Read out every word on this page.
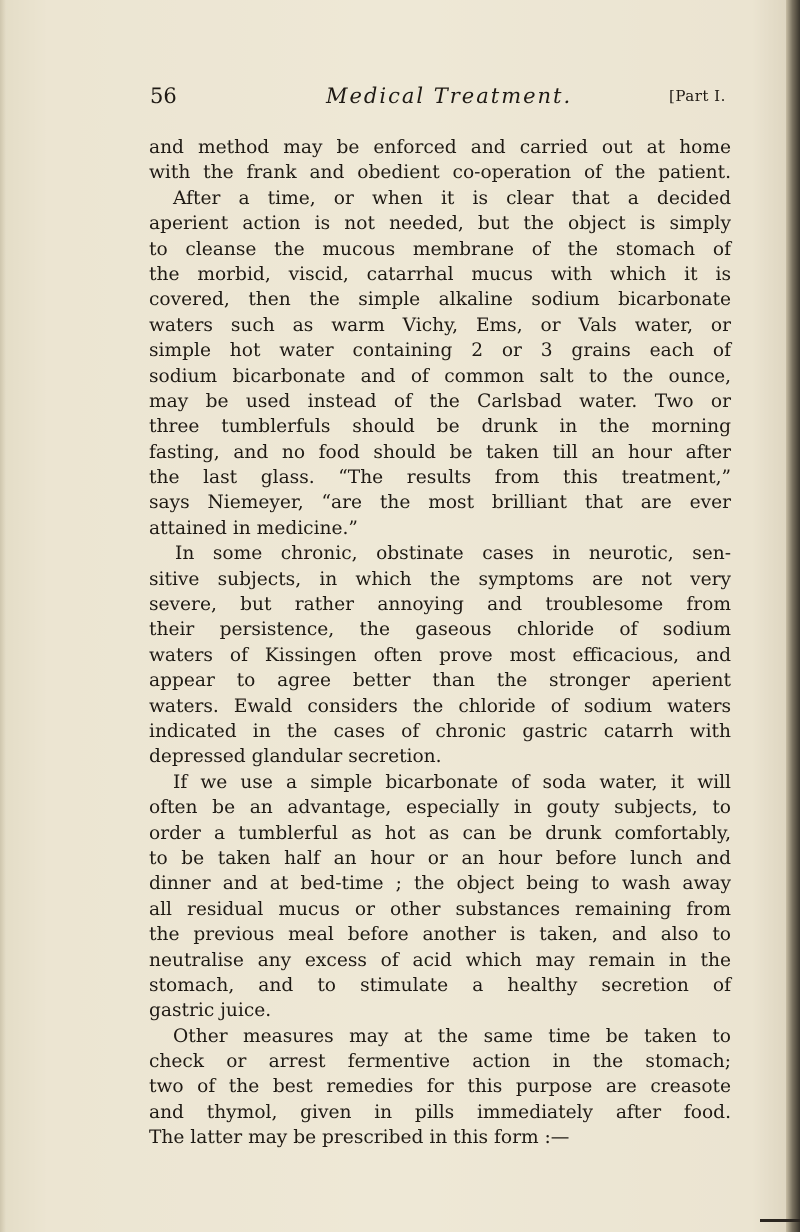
56	Medical Treatment.	[Part I.
and method may be enforced and carried out at home
with the frank and obedient co-operation of the patient.
After a time, or when it is clear that a decided
aperient action is not needed, but the object is simply
to cleanse the mucous membrane of the stomach of
the morbid, viscid, catarrhal mucus with which it is
covered, then the simple alkaline sodium bicarbonate
waters such as warm Vichy, Ems, or Vals water, or
simple hot water containing 2 or 3 grains each of
sodium bicarbonate and of common salt to the ounce,
may be used instead of the Carlsbad water. Two or
three tumblerfuls should be drunk in the morning
fasting, and no food should be taken till an hour after
the last glass. “The results from this treatment,”
says Niemeyer, “are the most brilliant that are ever
attained in medicine.”
In some chronic, obstinate cases in neurotic, sen-
sitive subjects, in which the symptoms are not very
severe, but rather annoying and troublesome from
their persistence, the gaseous chloride of sodium
waters of Kissingen often prove most efficacious, and
appear to agree better than the stronger aperient
waters. Ewald considers the chloride of sodium waters
indicated in the cases of chronic gastric catarrh with
depressed glandular secretion.
If we use a simple bicarbonate of soda water, it will
often be an advantage, especially in gouty subjects, to
order a tumblerful as hot as can be drunk comfortably,
to be taken half an hour or an hour before lunch and
dinner and at bed-time ; the object being to wash away
all residual mucus or other substances remaining from
the previous meal before another is taken, and also to
neutralise any excess of acid which may remain in the
stomach, and to stimulate a healthy secretion of
gastric juice.
Other measures may at the same time be taken to
check or arrest fermentive action in the stomach;
two of the best remedies for this purpose are creasote
and thymol, given in pills immediately after food.
The latter may be prescribed in this form :—
